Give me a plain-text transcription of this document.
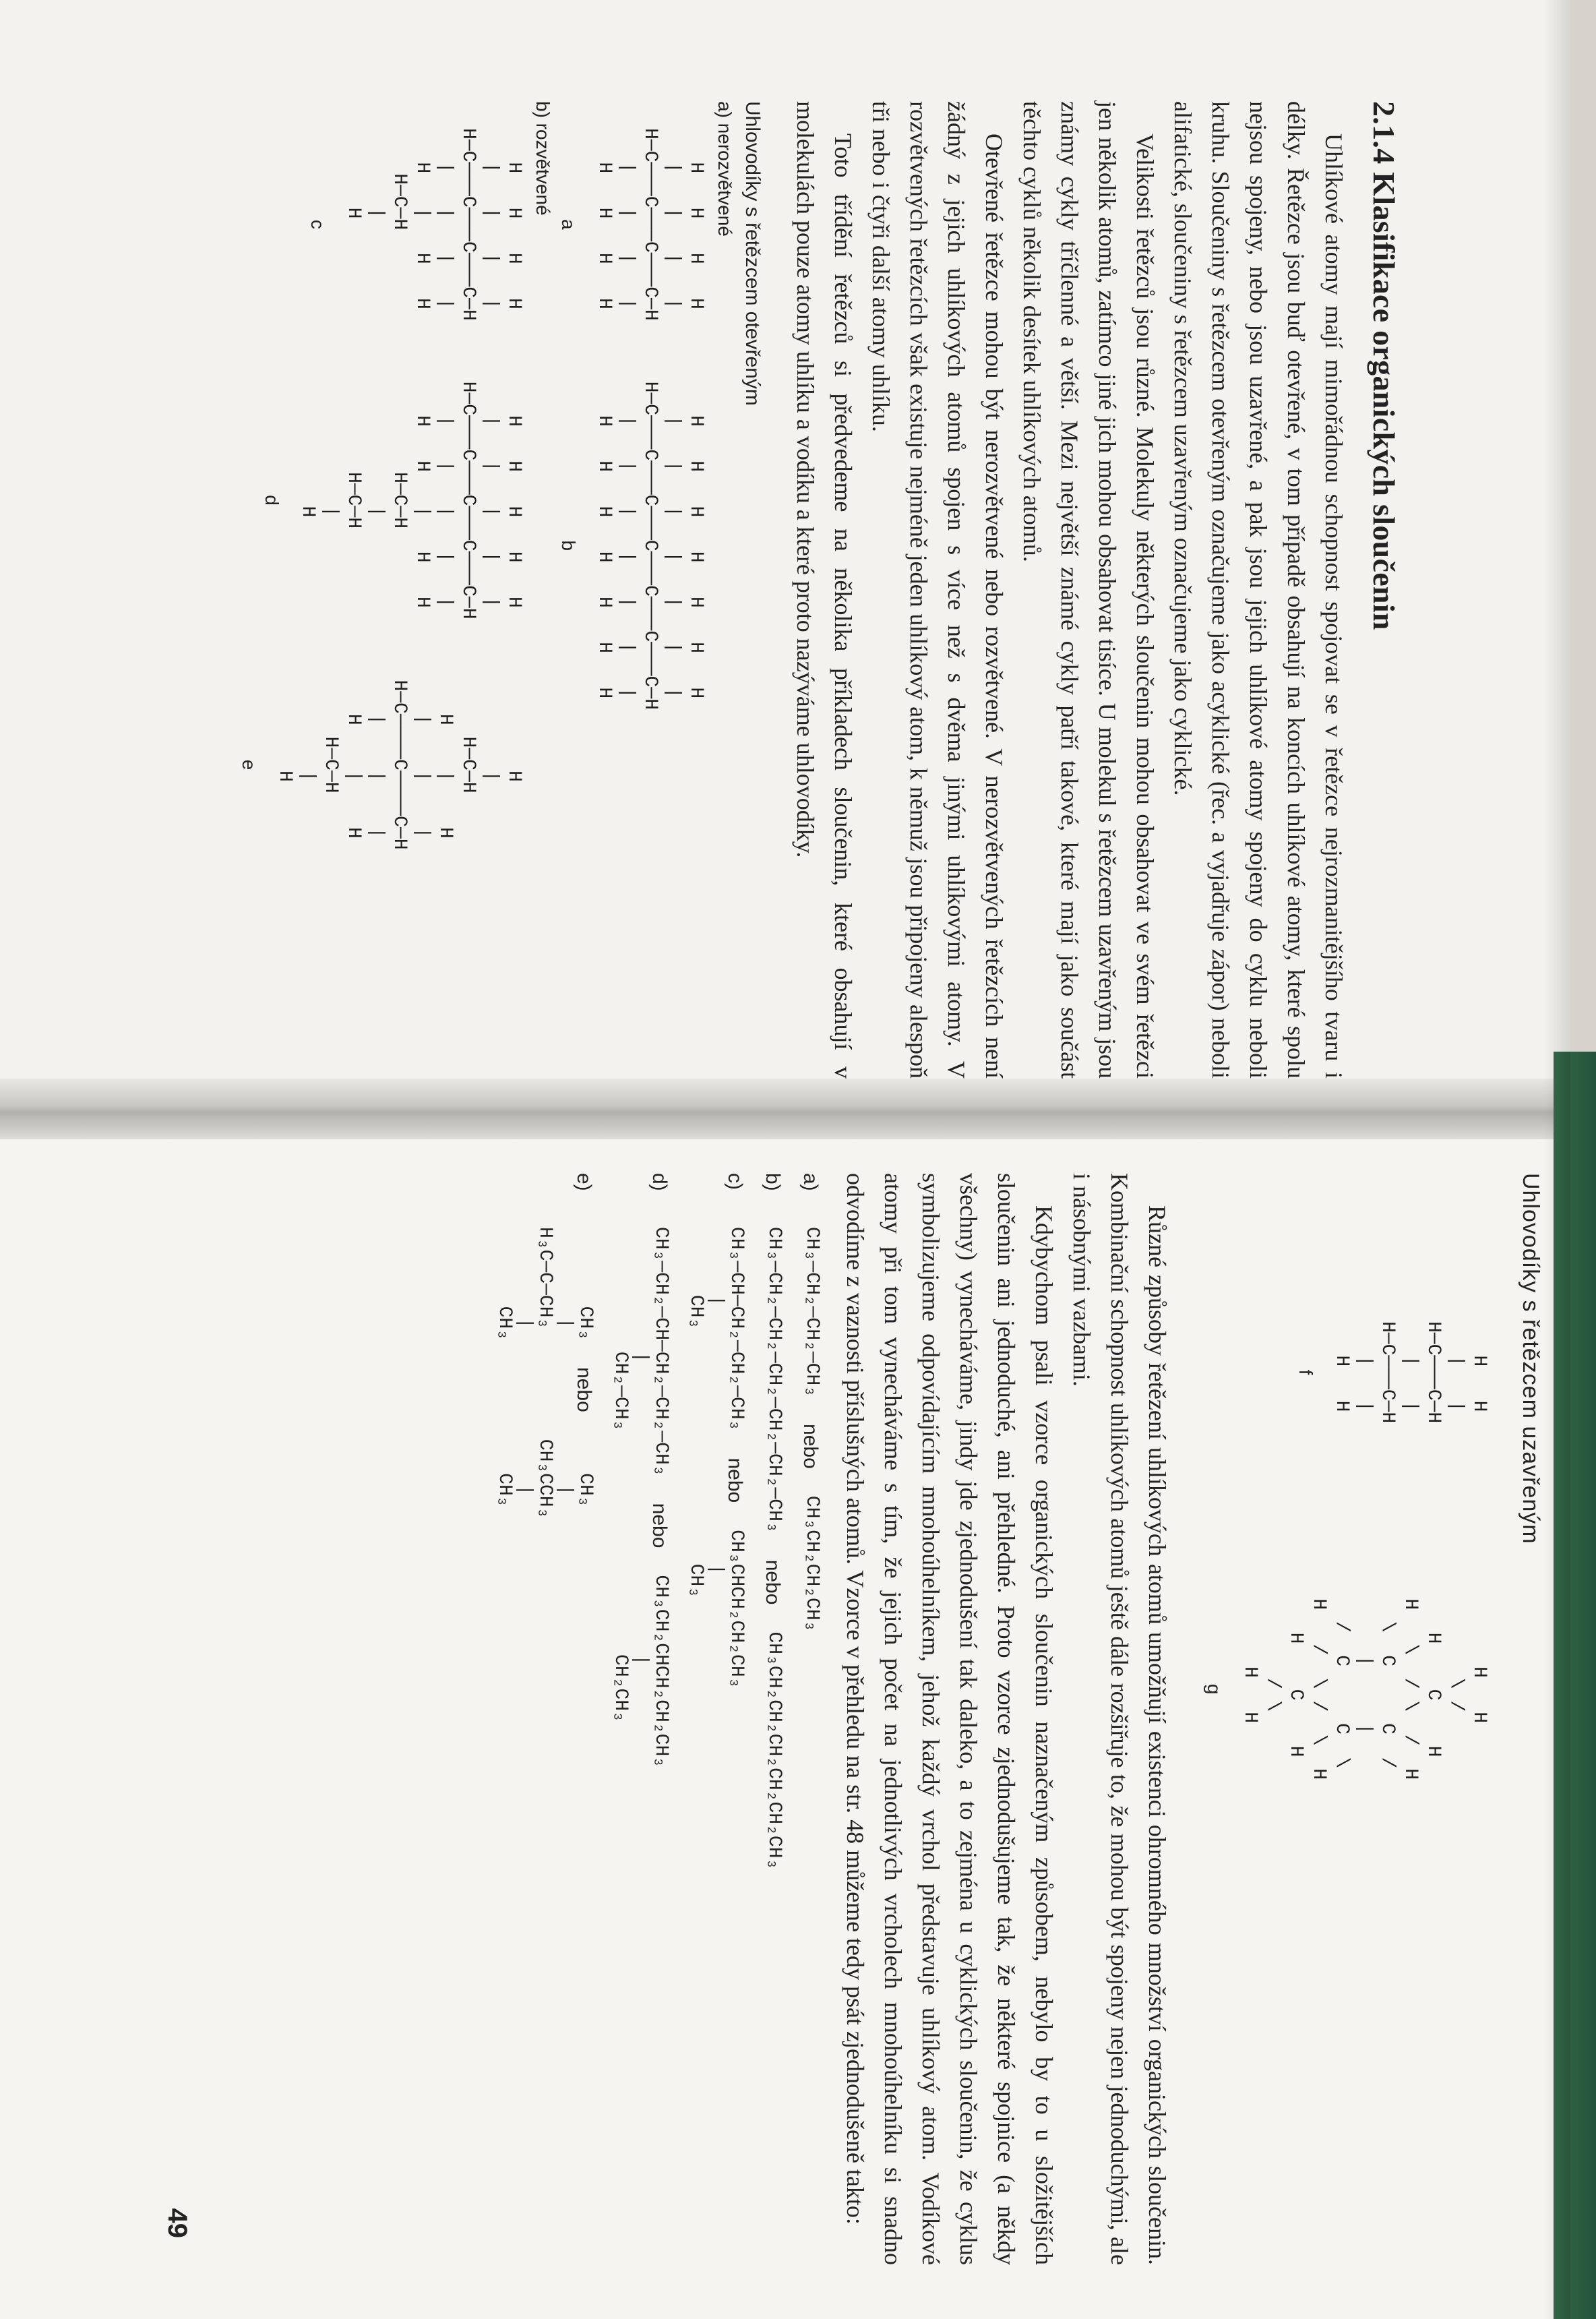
2.1.4 Klasifikace organických sloučenin

Uhlíkové atomy mají mimořádnou schopnost spojovat se v řetězce nejrozmanitějšího tvaru i délky. Řetězce jsou buď otevřené, v tom případě obsahují na koncích uhlíkové atomy, které spolu nejsou spojeny, nebo jsou uzavřené, a pak jsou jejich uhlíkové atomy spojeny do cyklu neboli kruhu. Sloučeniny s řetězcem otevřeným označujeme jako acyklické (řec. a vyjadřuje zápor) neboli alifatické, sloučeniny s řetězcem uzavřeným označujeme jako cyklické.

Velikosti řetězců jsou různé. Molekuly některých sloučenin mohou obsahovat ve svém řetězci jen několik atomů, zatímco jiné jich mohou obsahovat tisíce. U molekul s řetězcem uzavřeným jsou známy cykly tříčlenné a větší. Mezi největší známé cykly patří takové, které mají jako součást těchto cyklů několik desítek uhlíkových atomů.

Otevřené řetězce mohou být nerozvětvené nebo rozvětvené. V nerozvětvených řetězcích není žádný z jejich uhlíkových atomů spojen s více než s dvěma jinými uhlíkovými atomy. V rozvětvených řetězcích však existuje nejméně jeden uhlíkový atom, k němuž jsou připojeny alespoň tři nebo i čtyři další atomy uhlíku.

Toto třídění řetězců si předvedeme na několika příkladech sloučenin, které obsahují v molekulách pouze atomy uhlíku a vodíku a které proto nazýváme uhlovodíky.

Uhlovodíky s řetězcem otevřeným
a) nerozvětvené
H   H   H   H
|   |   |   |
H─C───C───C───C─H
|   |   |   |
H   H   H   H
a
H   H   H   H   H   H   H
|   |   |   |   |   |   |
H─C───C───C───C───C───C───C─H
|   |   |   |   |   |   |
H   H   H   H   H   H   H
b
b) rozvětvené
H   H   H   H
|   |   |   |
H─C───C───C───C─H
|   |   |   |
H   |   H   H
H─C─H
|
H
c
H   H   H   H   H
|   |   |   |   |
H─C───C───C───C───C─H
|   |   |   |   |
H   H   |   H   H
H─C─H
|
H─C─H
|
H
d
H
|
H─C─H
H    |    H
|    |    |
H─C────C────C─H
|    |    |
H    |    H
H─C─H
|
H
e
Uhlovodíky s řetězcem uzavřeným
H   H
|   |
H─C───C─H
|   |
H─C───C─H
|   |
H   H
f
H   H
\ /
H    C    H
H   \  / \  /  H
\  C     C  /
|     |
/  C     C  \
H   /  \ /  \  H
H    C    H
/ \
H   H
g

Různé způsoby řetězení uhlíkových atomů umožňují existenci ohromného množství organických sloučenin. Kombinační schopnost uhlíkových atomů ještě dále rozšiřuje to, že mohou být spojeny nejen jednoduchými, ale i násobnými vazbami.

Kdybychom psali vzorce organických sloučenin naznačeným způsobem, nebylo by to u složitějších sloučenin ani jednoduché, ani přehledné. Proto vzorce zjednodušujeme tak, že některé spojnice (a někdy všechny) vynecháváme, jindy jde zjednodušení tak daleko, a to zejména u cyklických sloučenin, že cyklus symbolizujeme odpovídajícím mnohoúhelníkem, jehož každý vrchol představuje uhlíkový atom. Vodíkové atomy při tom vynecháváme s tím, že jejich počet na jednotlivých vrcholech mnohoúhelníku si snadno odvodíme z vaznosti příslušných atomů. Vzorce v přehledu na str. 48 můžeme tedy psát zjednodušeně takto:

a)
CH₃─CH₂─CH₂─CH₃
nebo
CH₃CH₂CH₂CH₃
b)
CH₃─CH₂─CH₂─CH₂─CH₂─CH₂─CH₃
nebo
CH₃CH₂CH₂CH₂CH₂CH₂CH₃
c)
CH₃─CH─CH₂─CH₂─CH₃
|
CH₃
nebo
CH₃CHCH₂CH₂CH₃
|
CH₃
d)
CH₃─CH₂─CH─CH₂─CH₂─CH₃
|
CH₂─CH₃
nebo
CH₃CH₂CHCH₂CH₂CH₃
|
CH₂CH₃
e)
CH₃
|
H₃C─C─CH₃
|
CH₃
nebo
CH₃
|
CH₃CCH₃
|
CH₃
49
